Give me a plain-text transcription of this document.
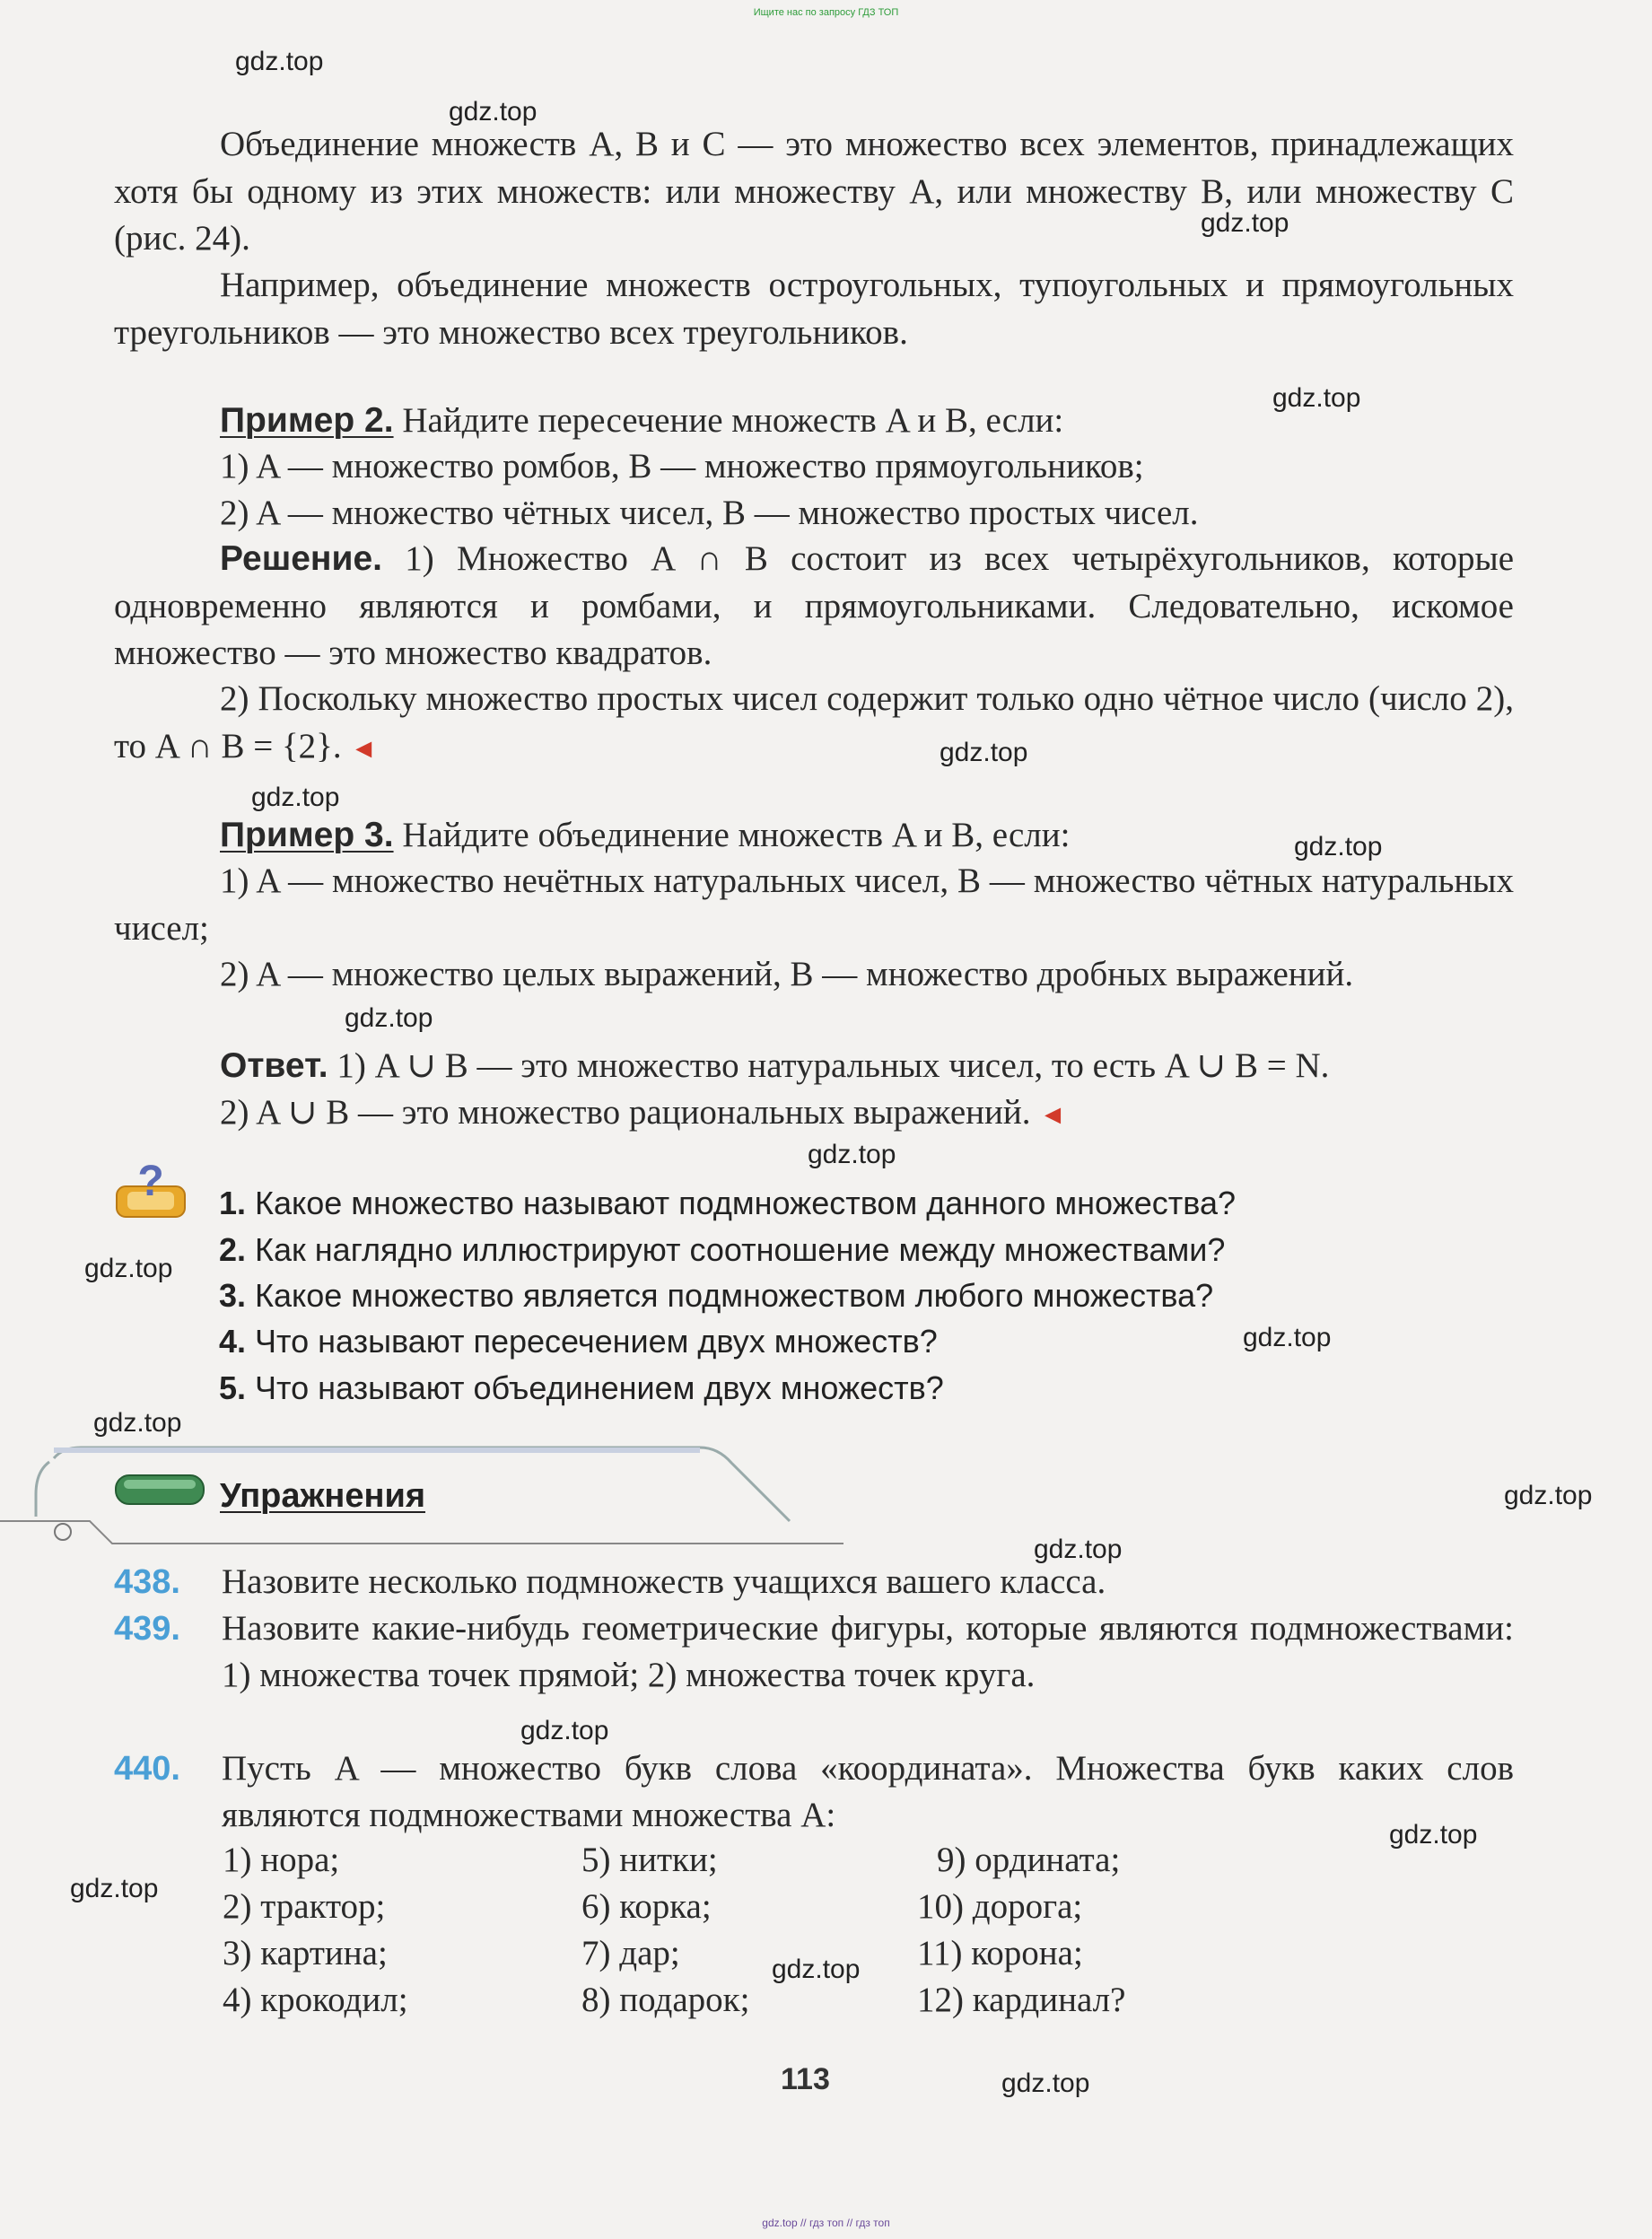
Ищите нас по запросу ГДЗ ТОП

Объединение множеств A, B и C — это множество всех элементов, принадлежащих хотя бы одному из этих множеств: или множеству A, или множеству B, или множеству C (рис. 24).

Например, объединение множеств остроугольных, тупоугольных и прямоугольных треугольников — это множество всех треугольников.

Пример 2. Найдите пересечение множеств A и B, если:
1) A — множество ромбов, B — множество прямоугольников;
2) A — множество чётных чисел, B — множество простых чисел.

Решение. 1) Множество A ∩ B состоит из всех четырёхугольников, которые одновременно являются и ромбами, и прямоугольниками. Следовательно, искомое множество — это множество квадратов.

2) Поскольку множество простых чисел содержит только одно чётное число (число 2), то A ∩ B = {2}. ◄

Пример 3. Найдите объединение множеств A и B, если:

1) A — множество нечётных натуральных чисел, B — множество чётных натуральных чисел;

2) A — множество целых выражений, B — множество дробных выражений.

Ответ. 1) A ∪ B — это множество натуральных чисел, то есть A ∪ B = N.
2) A ∪ B — это множество рациональных выражений. ◄
? 1. Какое множество называют подмножеством данного множества?
2. Как наглядно иллюстрируют соотношение между множествами?
3. Какое множество является подмножеством любого множества?
4. Что называют пересечением двух множеств?
5. Что называют объединением двух множеств?
Упражнения
438. Назовите несколько подмножеств учащихся вашего класса.

439. Назовите какие-нибудь геометрические фигуры, которые являются подмножествами: 1) множества точек прямой; 2) множества точек круга.

440. Пусть A — множество букв слова «координата». Множества букв каких слов являются подмножествами множества A:

1) нора;	5) нитки;	9) ордината;
2) трактор;	6) корка;	10) дорога;
3) картина;	7) дар;	11) корона;
4) крокодил;	8) подарок;	12) кардинал?
113
gdz.top
gdz.top
gdz.top
gdz.top
gdz.top
gdz.top
gdz.top
gdz.top
gdz.top
gdz.top
gdz.top
gdz.top
gdz.top
gdz.top
gdz.top
gdz.top
gdz.top
gdz.top
gdz.top
gdz.top // гдз топ // гдз топ
